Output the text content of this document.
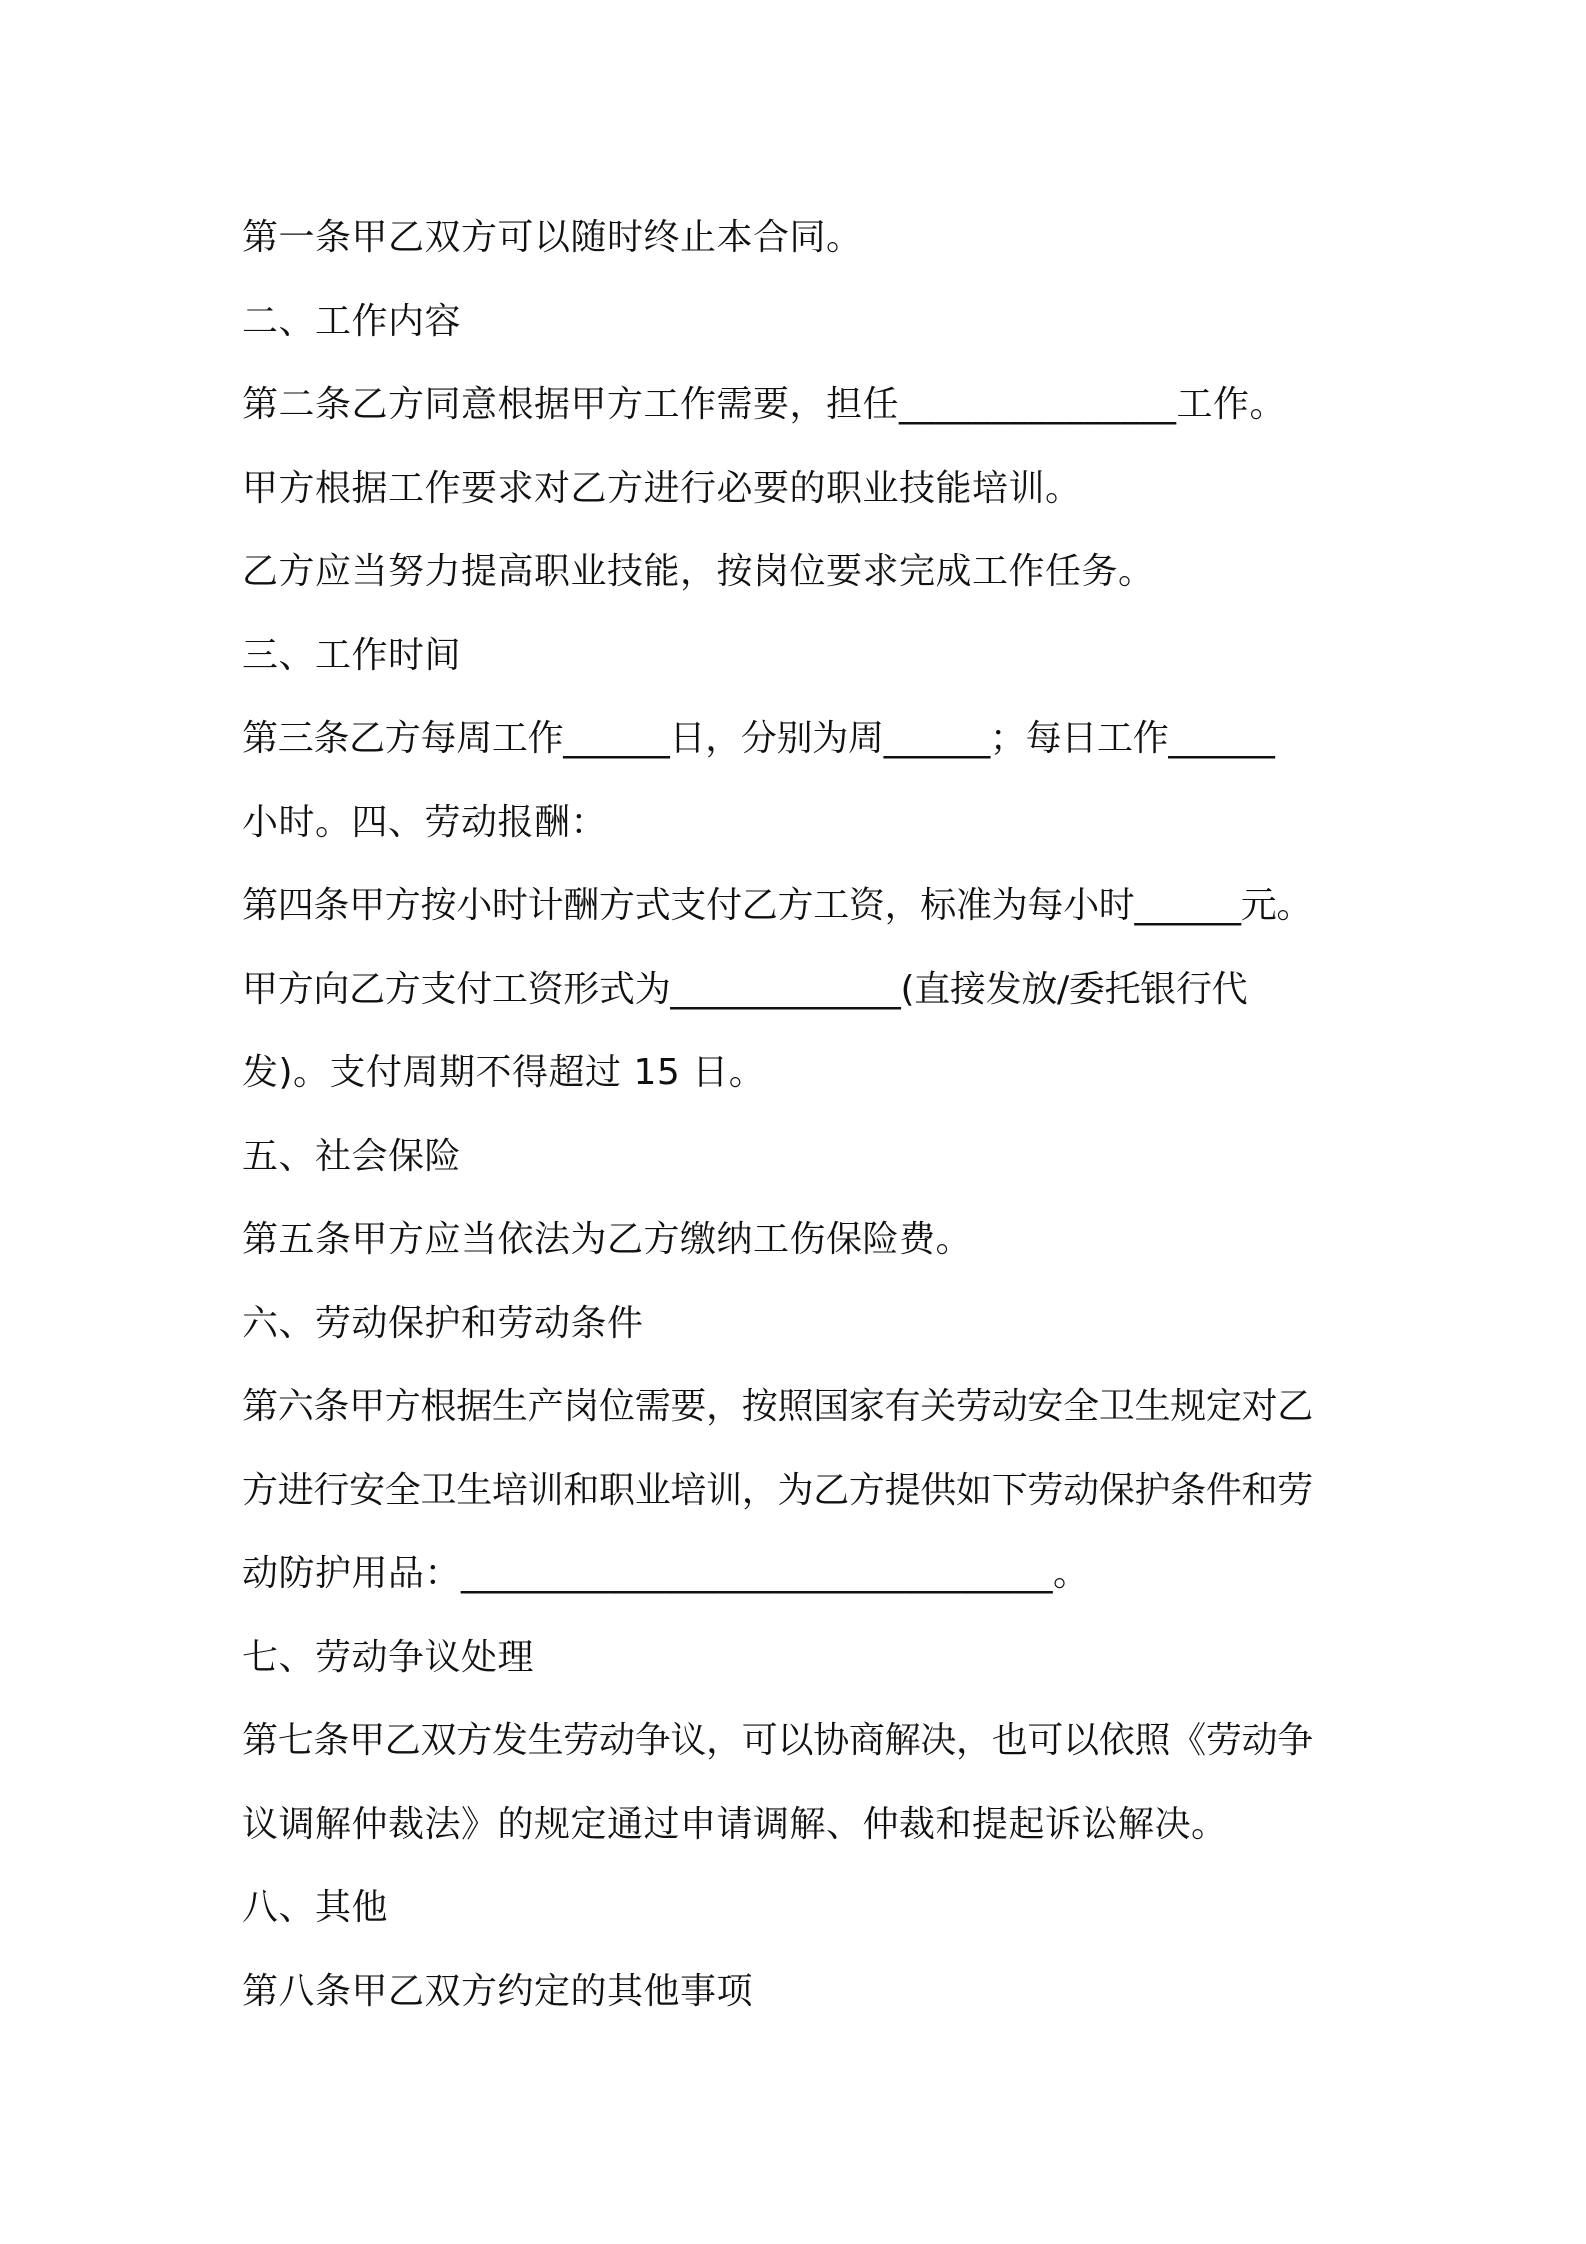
第一条甲乙双方可以随时终止本合同。
二、工作内容
第二条乙方同意根据甲方工作需要，担任_______________工作。
甲方根据工作要求对乙方进行必要的职业技能培训。
乙方应当努力提高职业技能，按岗位要求完成工作任务。
三、工作时间
第三条乙方每周工作______日，分别为周______；每日工作______
小时。四、劳动报酬：
第四条甲方按小时计酬方式支付乙方工资，标准为每小时______元。
甲方向乙方支付工资形式为_____________(直接发放/委托银行代
发)。支付周期不得超过 15 日。
五、社会保险
第五条甲方应当依法为乙方缴纳工伤保险费。
六、劳动保护和劳动条件
第六条甲方根据生产岗位需要，按照国家有关劳动安全卫生规定对乙
方进行安全卫生培训和职业培训，为乙方提供如下劳动保护条件和劳
动防护用品：________________________________。
七、劳动争议处理
第七条甲乙双方发生劳动争议，可以协商解决，也可以依照《劳动争
议调解仲裁法》的规定通过申请调解、仲裁和提起诉讼解决。
八、其他
第八条甲乙双方约定的其他事项
